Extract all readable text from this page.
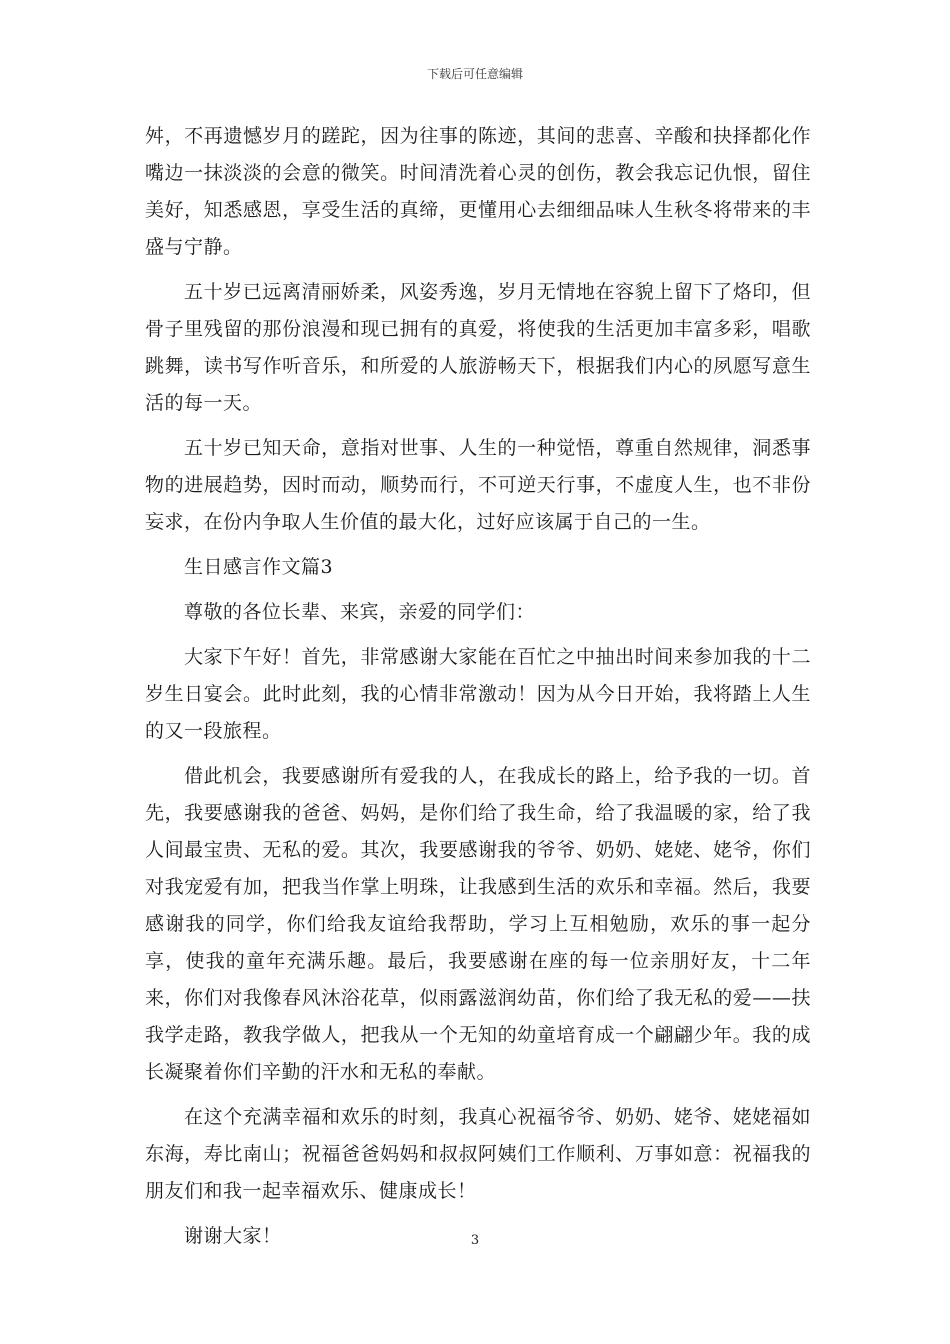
下载后可任意编辑

舛，不再遗憾岁月的蹉跎，因为往事的陈迹，其间的悲喜、辛酸和抉择都化作嘴边一抹淡淡的会意的微笑。时间清洗着心灵的创伤，教会我忘记仇恨，留住美好，知悉感恩，享受生活的真缔，更懂用心去细细品味人生秋冬将带来的丰盛与宁静。

五十岁已远离清丽娇柔，风姿秀逸，岁月无情地在容貌上留下了烙印，但骨子里残留的那份浪漫和现已拥有的真爱，将使我的生活更加丰富多彩，唱歌跳舞，读书写作听音乐，和所爱的人旅游畅天下，根据我们内心的夙愿写意生活的每一天。

五十岁已知天命，意指对世事、人生的一种觉悟，尊重自然规律，洞悉事物的进展趋势，因时而动，顺势而行，不可逆天行事，不虚度人生，也不非份妄求，在份内争取人生价值的最大化，过好应该属于自己的一生。

生日感言作文篇3

尊敬的各位长辈、来宾，亲爱的同学们：

大家下午好！首先，非常感谢大家能在百忙之中抽出时间来参加我的十二岁生日宴会。此时此刻，我的心情非常激动！因为从今日开始，我将踏上人生的又一段旅程。

借此机会，我要感谢所有爱我的人，在我成长的路上，给予我的一切。首先，我要感谢我的爸爸、妈妈，是你们给了我生命，给了我温暖的家，给了我人间最宝贵、无私的爱。其次，我要感谢我的爷爷、奶奶、姥姥、姥爷，你们对我宠爱有加，把我当作掌上明珠，让我感到生活的欢乐和幸福。然后，我要感谢我的同学，你们给我友谊给我帮助，学习上互相勉励，欢乐的事一起分享，使我的童年充满乐趣。最后，我要感谢在座的每一位亲朋好友，十二年来，你们对我像春风沐浴花草，似雨露滋润幼苗，你们给了我无私的爱——扶我学走路，教我学做人，把我从一个无知的幼童培育成一个翩翩少年。我的成长凝聚着你们辛勤的汗水和无私的奉献。

在这个充满幸福和欢乐的时刻，我真心祝福爷爷、奶奶、姥爷、姥姥福如东海，寿比南山；祝福爸爸妈妈和叔叔阿姨们工作顺利、万事如意：祝福我的朋友们和我一起幸福欢乐、健康成长！

谢谢大家！	3
